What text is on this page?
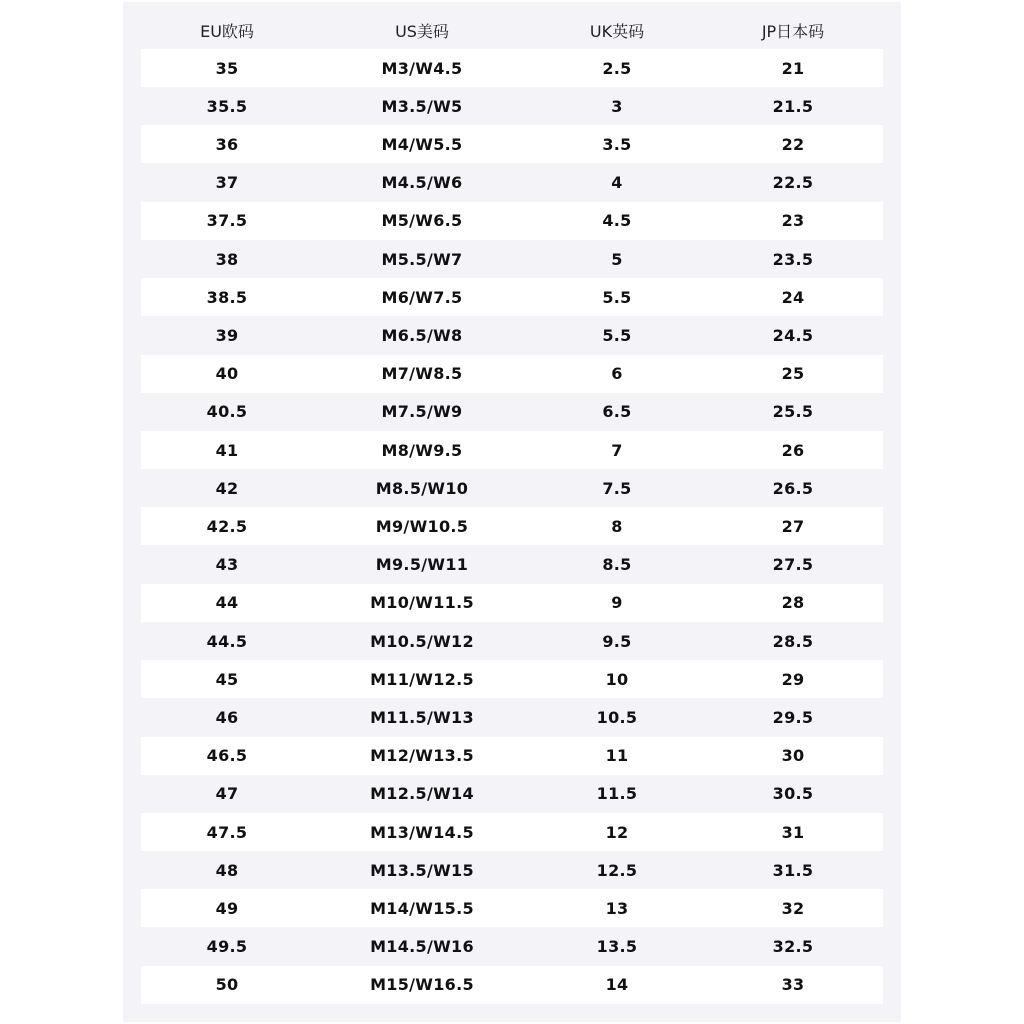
EU欧码	US美码	UK英码	JP日本码
35	M3/W4.5	2.5	21
35.5	M3.5/W5	3	21.5
36	M4/W5.5	3.5	22
37	M4.5/W6	4	22.5
37.5	M5/W6.5	4.5	23
38	M5.5/W7	5	23.5
38.5	M6/W7.5	5.5	24
39	M6.5/W8	5.5	24.5
40	M7/W8.5	6	25
40.5	M7.5/W9	6.5	25.5
41	M8/W9.5	7	26
42	M8.5/W10	7.5	26.5
42.5	M9/W10.5	8	27
43	M9.5/W11	8.5	27.5
44	M10/W11.5	9	28
44.5	M10.5/W12	9.5	28.5
45	M11/W12.5	10	29
46	M11.5/W13	10.5	29.5
46.5	M12/W13.5	11	30
47	M12.5/W14	11.5	30.5
47.5	M13/W14.5	12	31
48	M13.5/W15	12.5	31.5
49	M14/W15.5	13	32
49.5	M14.5/W16	13.5	32.5
50	M15/W16.5	14	33
